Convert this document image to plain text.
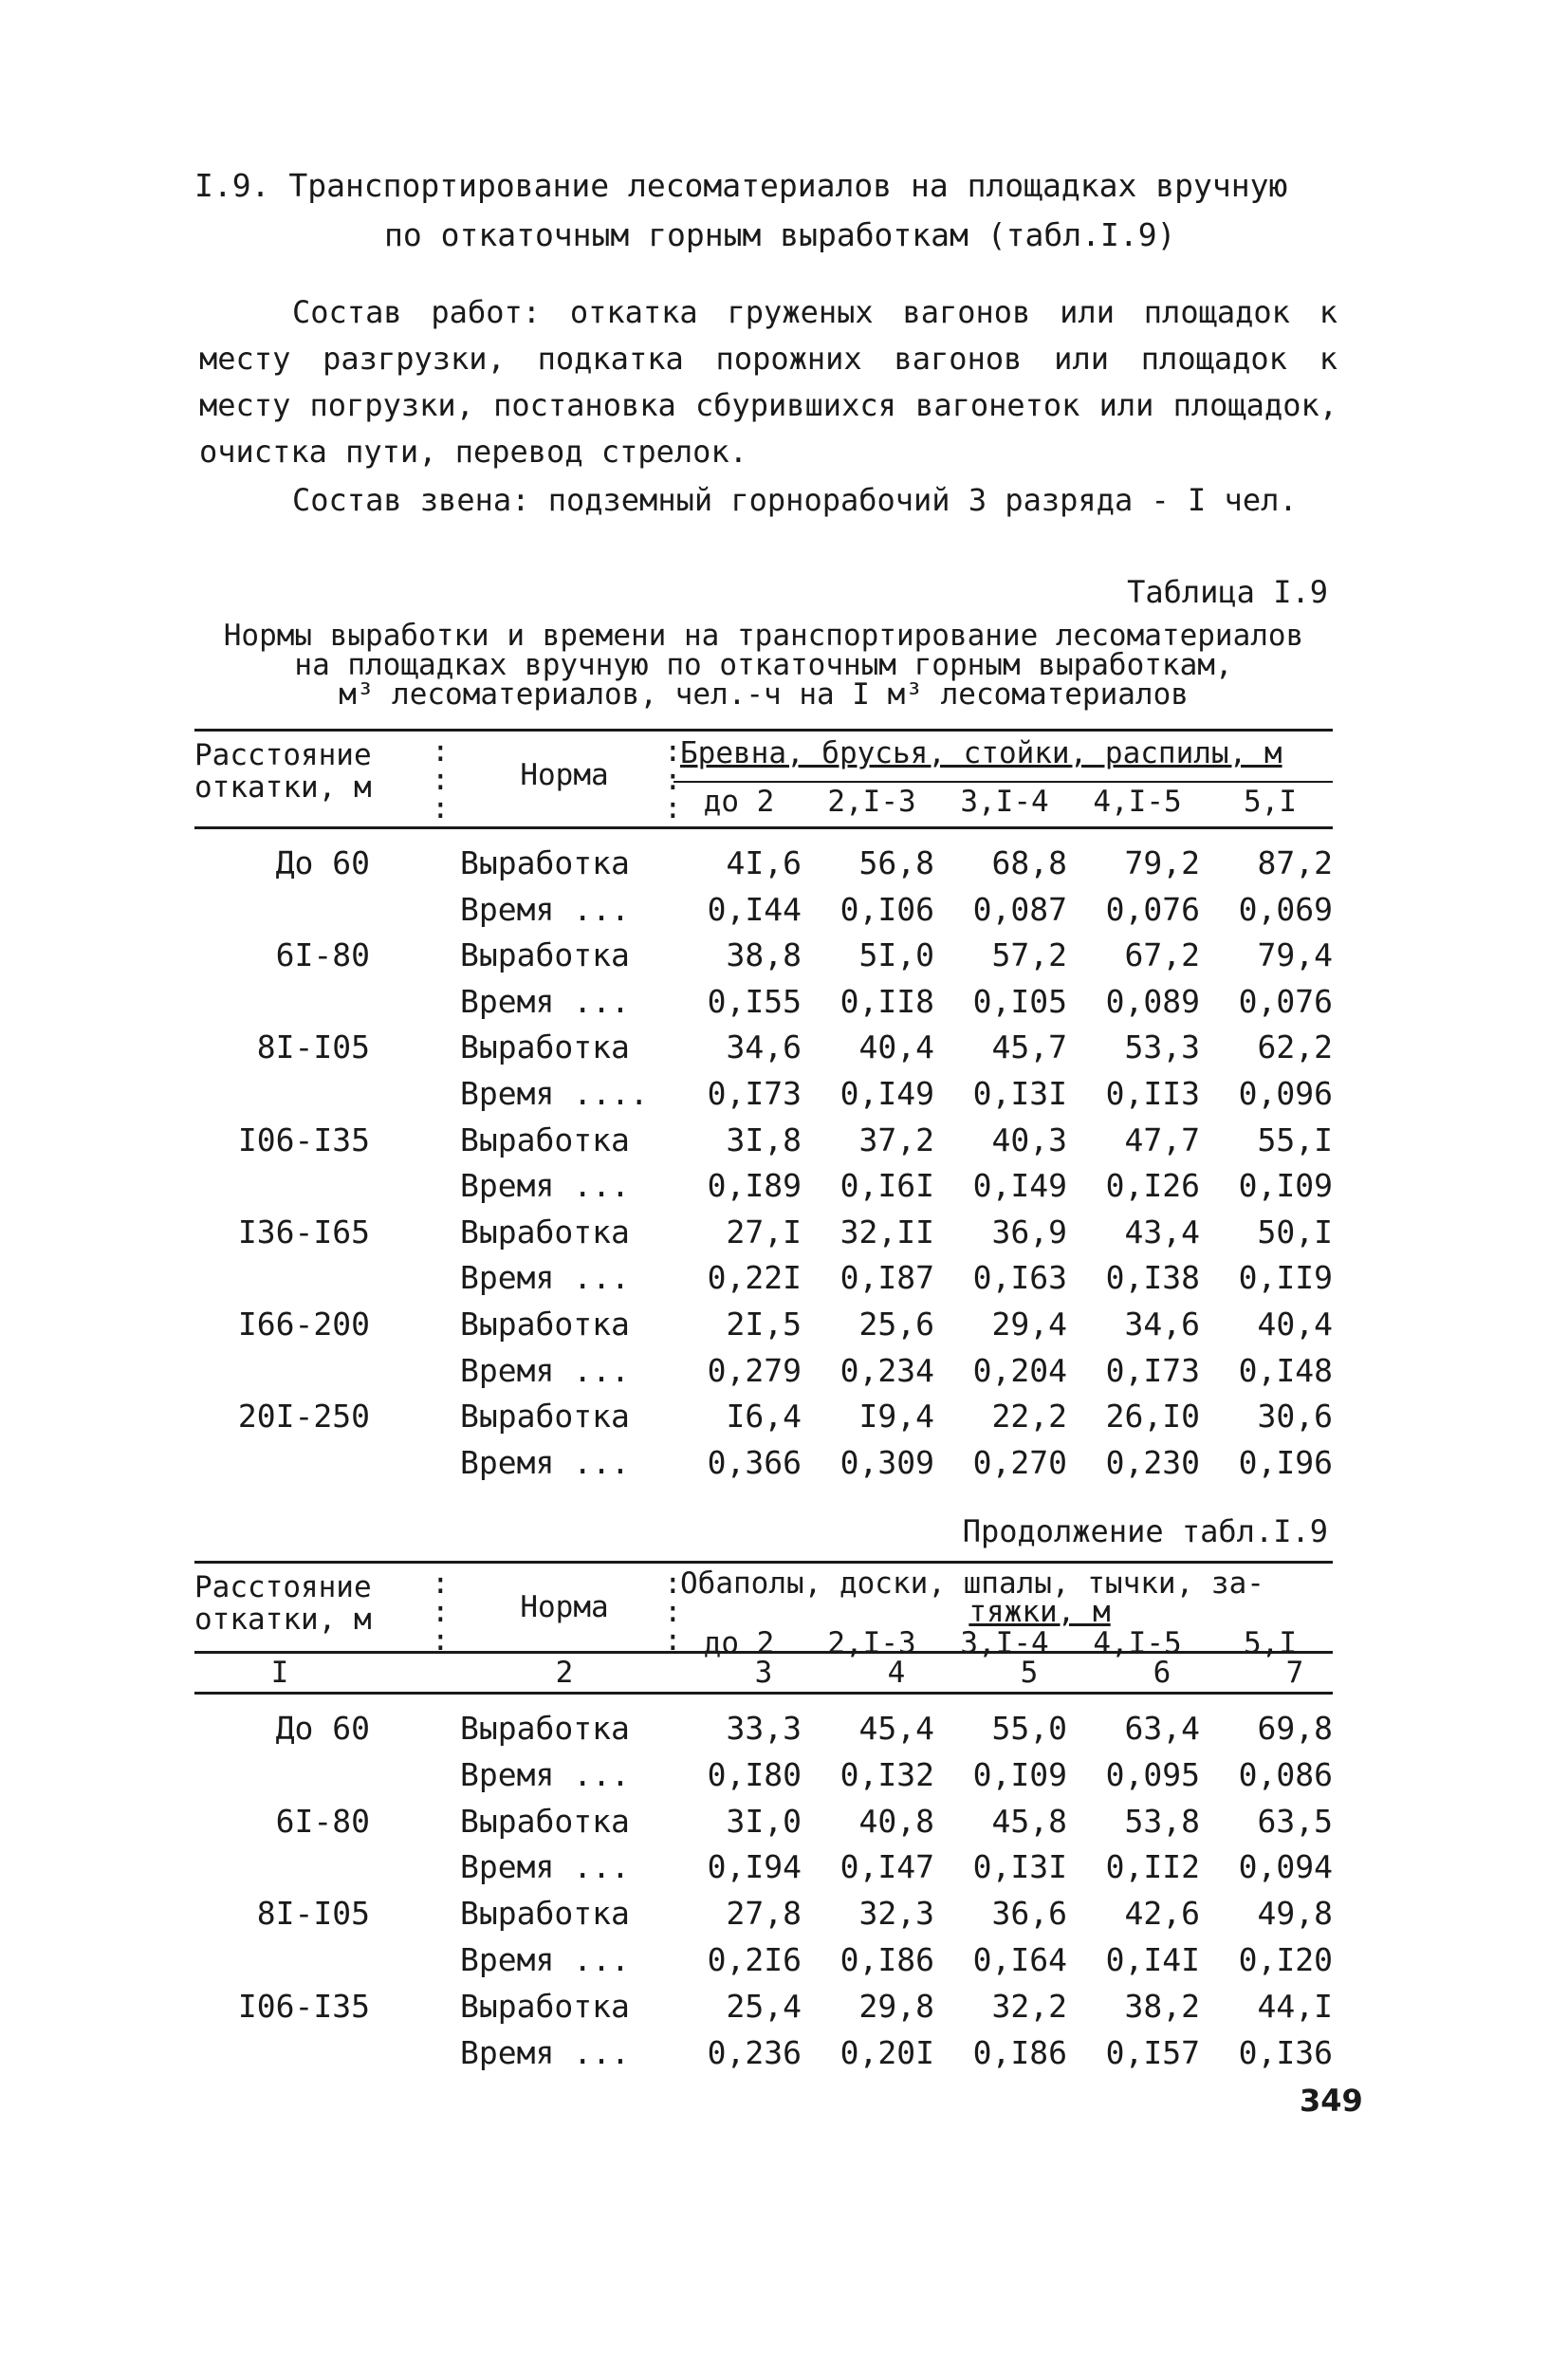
I.9. Транспортирование лесоматериалов на площадках вручную
по откаточным горным выработкам (табл.I.9)

Состав работ: откатка груженых вагонов или площадок к месту разгрузки, подкатка порожних вагонов или площадок к месту погрузки, постановка сбурившихся вагонеток или площадок, очистка пути, перевод стрелок.

Состав звена: подземный горнорабочий 3 разряда - I чел.

Таблица I.9
Нормы выработки и времени на транспортирование лесоматериалов
на площадках вручную по откаточным горным выработкам,
м³ лесоматериалов, чел.-ч на I м³ лесоматериалов
Расстояние
откатки, м
:
:
:
Норма
:
:
:
Бревна, брусья, стойки, распилы, м
до 2	2,I-3	3,I-4	4,I-5	5,I
До 60	Выработка	4I,6	56,8	68,8	79,2	87,2
Время ...	0,I44	0,I06	0,087	0,076	0,069
6I-80	Выработка	38,8	5I,0	57,2	67,2	79,4
Время ...	0,I55	0,II8	0,I05	0,089	0,076
8I-I05	Выработка	34,6	40,4	45,7	53,3	62,2
Время ....	0,I73	0,I49	0,I3I	0,II3	0,096
I06-I35	Выработка	3I,8	37,2	40,3	47,7	55,I
Время ...	0,I89	0,I6I	0,I49	0,I26	0,I09
I36-I65	Выработка	27,I	32,II	36,9	43,4	50,I
Время ...	0,22I	0,I87	0,I63	0,I38	0,II9
I66-200	Выработка	2I,5	25,6	29,4	34,6	40,4
Время ...	0,279	0,234	0,204	0,I73	0,I48
20I-250	Выработка	I6,4	I9,4	22,2	26,I0	30,6
Время ...	0,366	0,309	0,270	0,230	0,I96
Продолжение табл.I.9
Расстояние
откатки, м
:
:
:
Норма
:
:
:
Обаполы, доски, шпалы, тычки, за-
тяжки, м
до 2	2,I-3	3,I-4	4,I-5	5,I
I	2	3	4	5	6	7
До 60	Выработка	33,3	45,4	55,0	63,4	69,8
Время ...	0,I80	0,I32	0,I09	0,095	0,086
6I-80	Выработка	3I,0	40,8	45,8	53,8	63,5
Время ...	0,I94	0,I47	0,I3I	0,II2	0,094
8I-I05	Выработка	27,8	32,3	36,6	42,6	49,8
Время ...	0,2I6	0,I86	0,I64	0,I4I	0,I20
I06-I35	Выработка	25,4	29,8	32,2	38,2	44,I
Время ...	0,236	0,20I	0,I86	0,I57	0,I36
349
